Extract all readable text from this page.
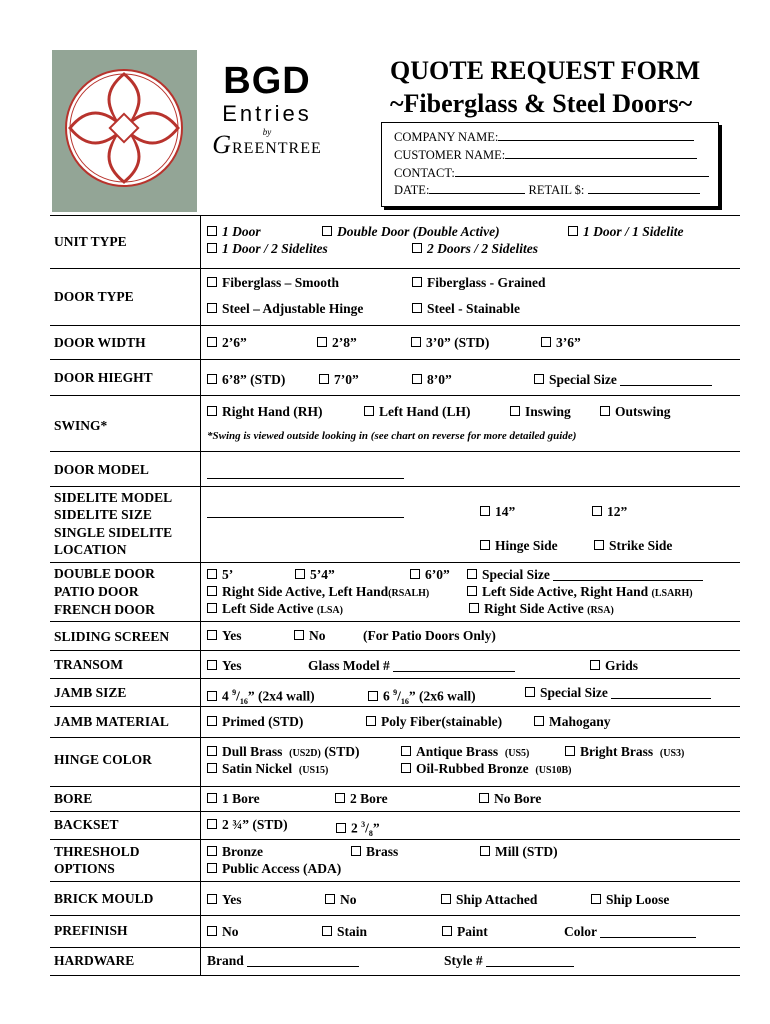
BGD
Entries
by
GREENTREE
QUOTE REQUEST FORM
~Fiberglass & Steel Doors~
COMPANY NAME:
CUSTOMER NAME:
CONTACT:
DATE:	RETAIL $:
UNIT TYPE
1 Door	Double Door (Double Active)	1 Door / 1 Sidelite
1 Door / 2 Sidelites	2 Doors / 2 Sidelites
DOOR TYPE
Fiberglass – Smooth	Fiberglass - Grained
Steel – Adjustable Hinge	Steel - Stainable
DOOR WIDTH	2’6”	2’8”	3’0” (STD)	3’6”
DOOR HIEGHT	6’8” (STD)	7’0”	8’0”	Special Size
SWING*
Right Hand (RH)	Left Hand (LH)	Inswing	Outswing
*Swing is viewed outside looking in (see chart on reverse for more detailed guide)
DOOR MODEL
SIDELITE MODEL
SIDELITE SIZE
SINGLE SIDELITE
LOCATION
14”	12”
Hinge Side	Strike Side
DOUBLE DOOR
PATIO DOOR
FRENCH DOOR
5’	5’4”	6’0”	Special Size
Right Side Active, Left Hand(RSALH)	Left Side Active, Right Hand (LSARH)
Left Side Active (LSA)	Right Side Active (RSA)
SLIDING SCREEN	Yes	No	(For Patio Doors Only)
TRANSOM	Yes	Glass Model #	Grids
JAMB SIZE	4 $^9/_{16}$” (2x4 wall)	6 $^9/_{16}$” (2x6 wall)	Special Size
JAMB MATERIAL	Primed (STD)	Poly Fiber(stainable)	Mahogany
HINGE COLOR
Dull Brass (US2D) (STD)	Antique Brass (US5)	Bright Brass (US3)
Satin Nickel (US15)	Oil-Rubbed Bronze (US10B)
BORE	1 Bore	2 Bore	No Bore
BACKSET	2 ¾” (STD)	2 $^3/_8$”
THRESHOLD
OPTIONS
Bronze	Brass	Mill (STD)
Public Access (ADA)
BRICK MOULD	Yes	No	Ship Attached	Ship Loose
PREFINISH	No	Stain	Paint	Color
HARDWARE	Brand	Style #
